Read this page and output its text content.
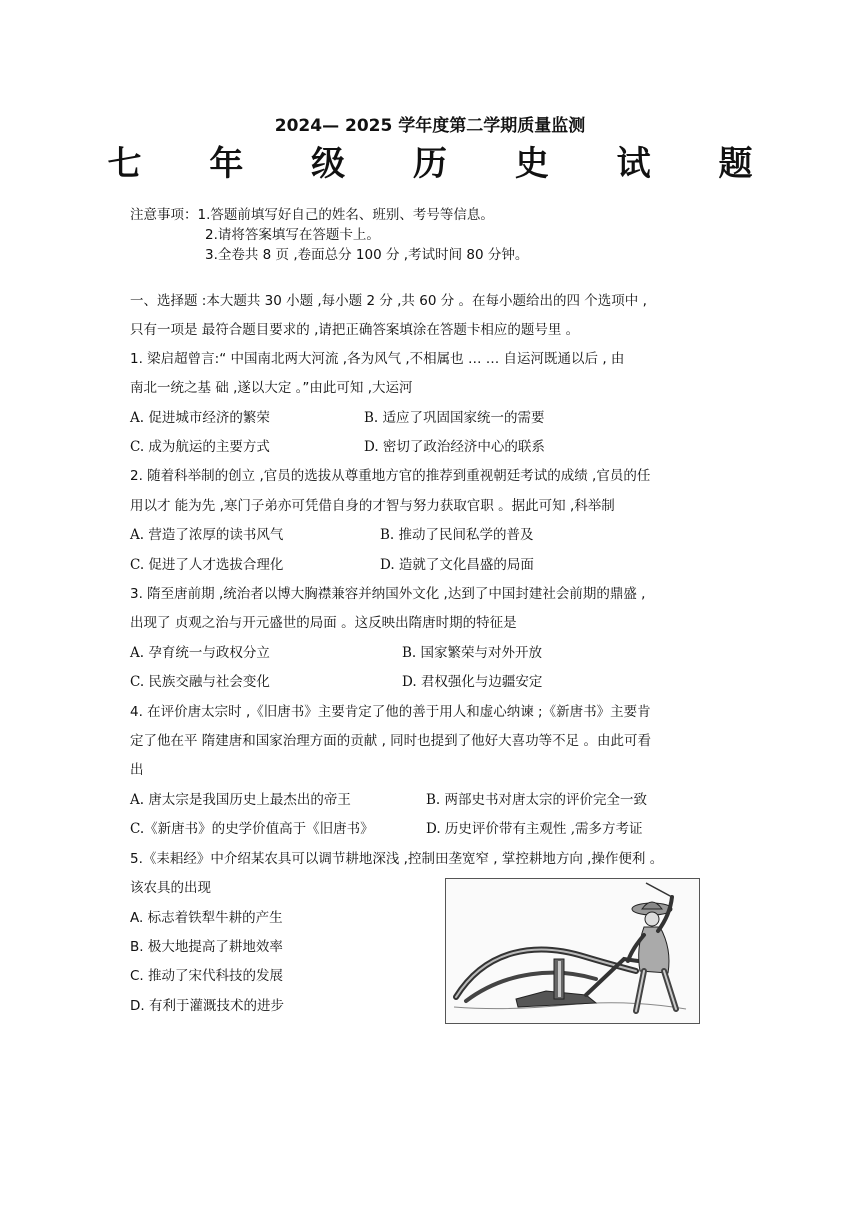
2024— 2025 学年度第二学期质量监测
七 年 级 历 史 试 题
注意事项：1.答题前填写好自己的姓名、班别、考号等信息。
2.请将答案填写在答题卡上。
3.全卷共 8 页 ,卷面总分 100 分 ,考试时间 80 分钟。
一、选择题 :本大题共 30 小题 ,每小题 2 分 ,共 60 分 。在每小题给出的四 个选项中 ,
只有一项是 最符合题目要求的 ,请把正确答案填涂在答题卡相应的题号里 。
1. 梁启超曾言:“ 中国南北两大河流 ,各为风气 ,不相属也 … … 自运河既通以后 , 由
南北一统之基 础 ,遂以大定 。”由此可知 ,大运河
A. 促进城市经济的繁荣	B. 适应了巩固国家统一的需要
C. 成为航运的主要方式	D. 密切了政治经济中心的联系
2. 随着科举制的创立 ,官员的选拔从尊重地方官的推荐到重视朝廷考试的成绩 ,官员的任
用以才 能为先 ,寒门子弟亦可凭借自身的才智与努力获取官职 。据此可知 ,科举制
A. 营造了浓厚的读书风气	B. 推动了民间私学的普及
C. 促进了人才选拔合理化	D. 造就了文化昌盛的局面
3. 隋至唐前期 ,统治者以博大胸襟兼容并纳国外文化 ,达到了中国封建社会前期的鼎盛 ,
出现了 贞观之治与开元盛世的局面 。这反映出隋唐时期的特征是
A. 孕育统一与政权分立	B. 国家繁荣与对外开放
C. 民族交融与社会变化	D. 君权强化与边疆安定
4. 在评价唐太宗时 ,《旧唐书》主要肯定了他的善于用人和虚心纳谏 ;《新唐书》主要肯
定了他在平 隋建唐和国家治理方面的贡献 , 同时也提到了他好大喜功等不足 。由此可看
出
A. 唐太宗是我国历史上最杰出的帝王	B. 两部史书对唐太宗的评价完全一致
C.《新唐书》的史学价值高于《旧唐书》	D. 历史评价带有主观性 ,需多方考证
5.《耒耜经》中介绍某农具可以调节耕地深浅 ,控制田垄宽窄 , 掌控耕地方向 ,操作便利 。
该农具的出现
A. 标志着铁犁牛耕的产生
B. 极大地提高了耕地效率
C. 推动了宋代科技的发展
D. 有利于灌溉技术的进步
